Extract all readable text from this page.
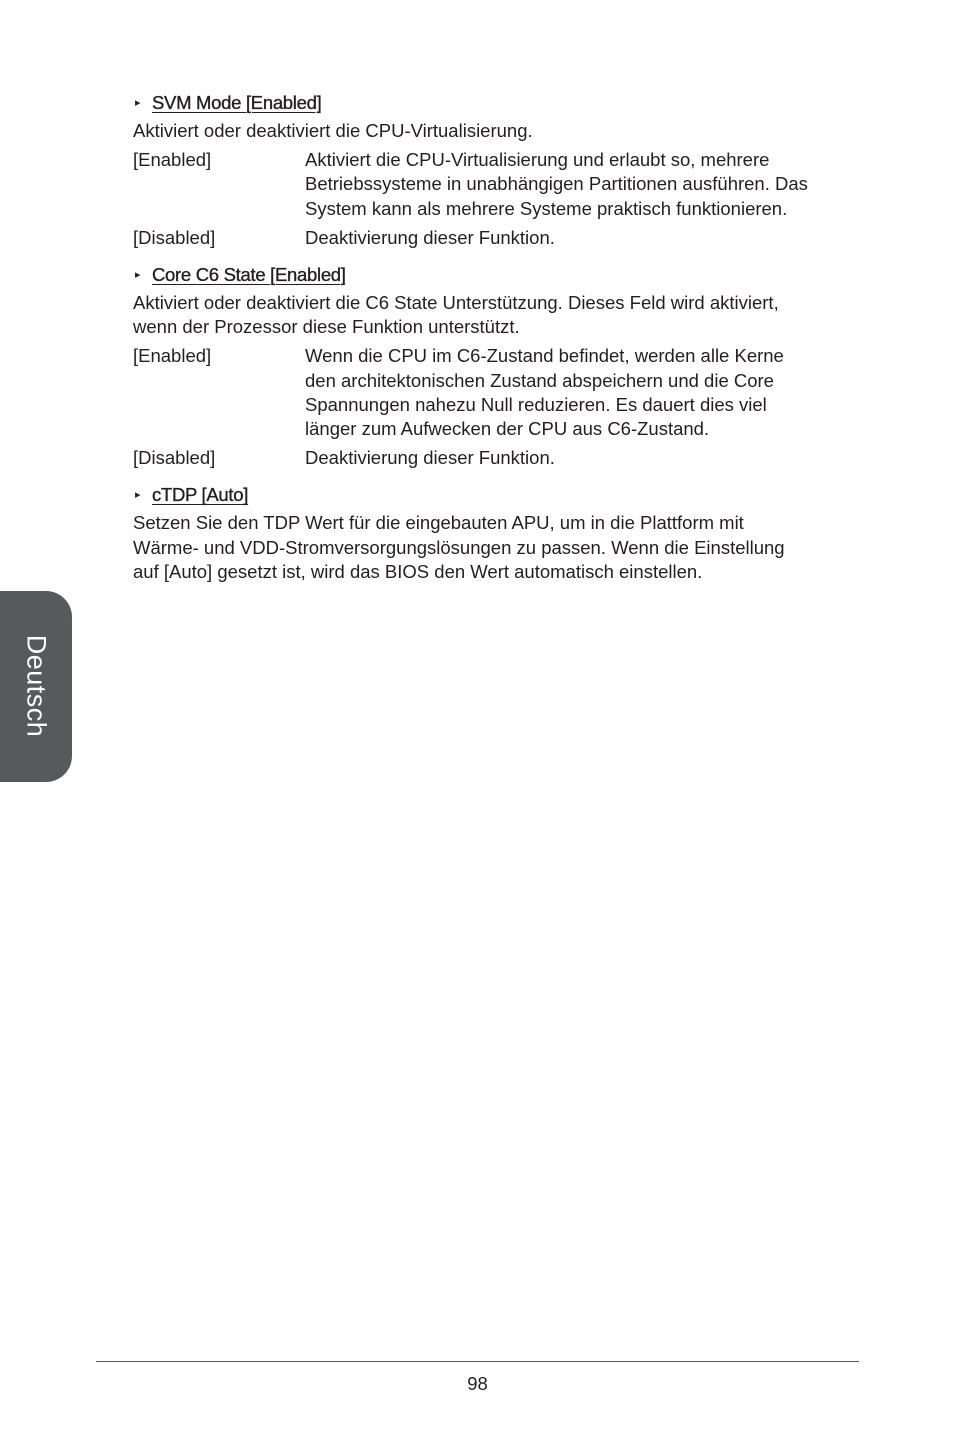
Deutsch
▸ SVM Mode [Enabled]
Aktiviert oder deaktiviert die CPU-Virtualisierung.
[Enabled]	Aktiviert die CPU-Virtualisierung und erlaubt so, mehrere
Betriebssysteme in unabhängigen Partitionen ausführen. Das
System kann als mehrere Systeme praktisch funktionieren.
[Disabled]	Deaktivierung dieser Funktion.
▸ Core C6 State [Enabled]
Aktiviert oder deaktiviert die C6 State Unterstützung. Dieses Feld wird aktiviert,
wenn der Prozessor diese Funktion unterstützt.
[Enabled]	Wenn die CPU im C6-Zustand befindet, werden alle Kerne
den architektonischen Zustand abspeichern und die Core
Spannungen nahezu Null reduzieren. Es dauert dies viel
länger zum Aufwecken der CPU aus C6-Zustand.
[Disabled]	Deaktivierung dieser Funktion.
▸ cTDP [Auto]
Setzen Sie den TDP Wert für die eingebauten APU, um in die Plattform mit
Wärme- und VDD-Stromversorgungslösungen zu passen. Wenn die Einstellung
auf [Auto] gesetzt ist, wird das BIOS den Wert automatisch einstellen.
98
